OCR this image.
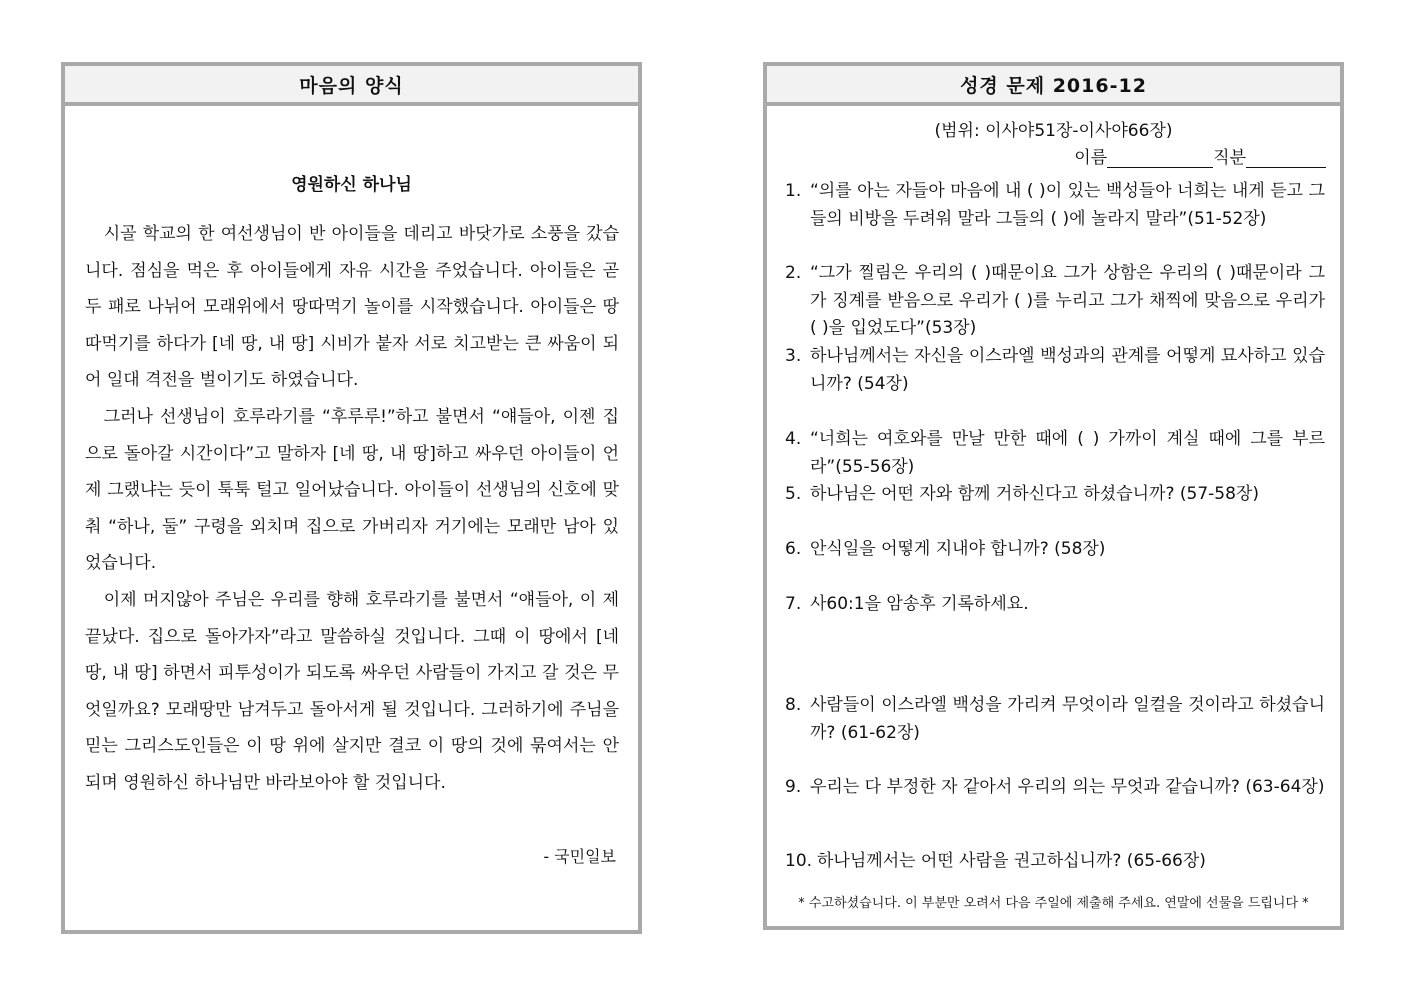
마음의 양식
영원하신 하나님

시골 학교의 한 여선생님이 반 아이들을 데리고 바닷가로 소풍을 갔습니다. 점심을 먹은 후 아이들에게 자유 시간을 주었습니다. 아이들은 곧 두 패로 나뉘어 모래위에서 땅따먹기 놀이를 시작했습니다. 아이들은 땅따먹기를 하다가 [네 땅, 내 땅] 시비가 붙자 서로 치고받는 큰 싸움이 되어 일대 격전을 벌이기도 하였습니다.

그러나 선생님이 호루라기를 “후루루!”하고 불면서 “얘들아, 이젠 집으로 돌아갈 시간이다”고 말하자 [네 땅, 내 땅]하고 싸우던 아이들이 언제 그랬냐는 듯이 툭툭 털고 일어났습니다. 아이들이 선생님의 신호에 맞춰 “하나, 둘” 구령을 외치며 집으로 가버리자 거기에는 모래만 남아 있었습니다.

이제 머지않아 주님은 우리를 향해 호루라기를 불면서 “얘들아, 이 제 끝났다. 집으로 돌아가자”라고 말씀하실 것입니다. 그때 이 땅에서 [네 땅, 내 땅] 하면서 피투성이가 되도록 싸우던 사람들이 가지고 갈 것은 무엇일까요? 모래땅만 남겨두고 돌아서게 될 것입니다. 그러하기에 주님을 믿는 그리스도인들은 이 땅 위에 살지만 결코 이 땅의 것에 묶여서는 안 되며 영원하신 하나님만 바라보아야 할 것입니다.

- 국민일보
성경 문제 2016-12
(범위: 이사야51장-이사야66장)
이름	직분
1. “의를 아는 자들아 마음에 내 ( )이 있는 백성들아 너희는 내게 듣고 그들의 비방을 두려워 말라 그들의 ( )에 놀라지 말라”(51-52장)
2. “그가 찔림은 우리의 ( )때문이요 그가 상함은 우리의 ( )때문이라 그가 징계를 받음으로 우리가 ( )를 누리고 그가 채찍에 맞음으로 우리가 ( )을 입었도다”(53장)
3. 하나님께서는 자신을 이스라엘 백성과의 관계를 어떻게 묘사하고 있습니까? (54장)
4. “너희는 여호와를 만날 만한 때에 ( ) 가까이 계실 때에 그를 부르라”(55-56장)
5. 하나님은 어떤 자와 함께 거하신다고 하셨습니까? (57-58장)
6. 안식일을 어떻게 지내야 합니까? (58장)
7. 사60:1을 암송후 기록하세요.
8. 사람들이 이스라엘 백성을 가리켜 무엇이라 일컬을 것이라고 하셨습니까? (61-62장)
9. 우리는 다 부정한 자 같아서 우리의 의는 무엇과 같습니까? (63-64장)
10. 하나님께서는 어떤 사람을 권고하십니까? (65-66장)
* 수고하셨습니다. 이 부분만 오려서 다음 주일에 제출해 주세요. 연말에 선물을 드립니다 *
